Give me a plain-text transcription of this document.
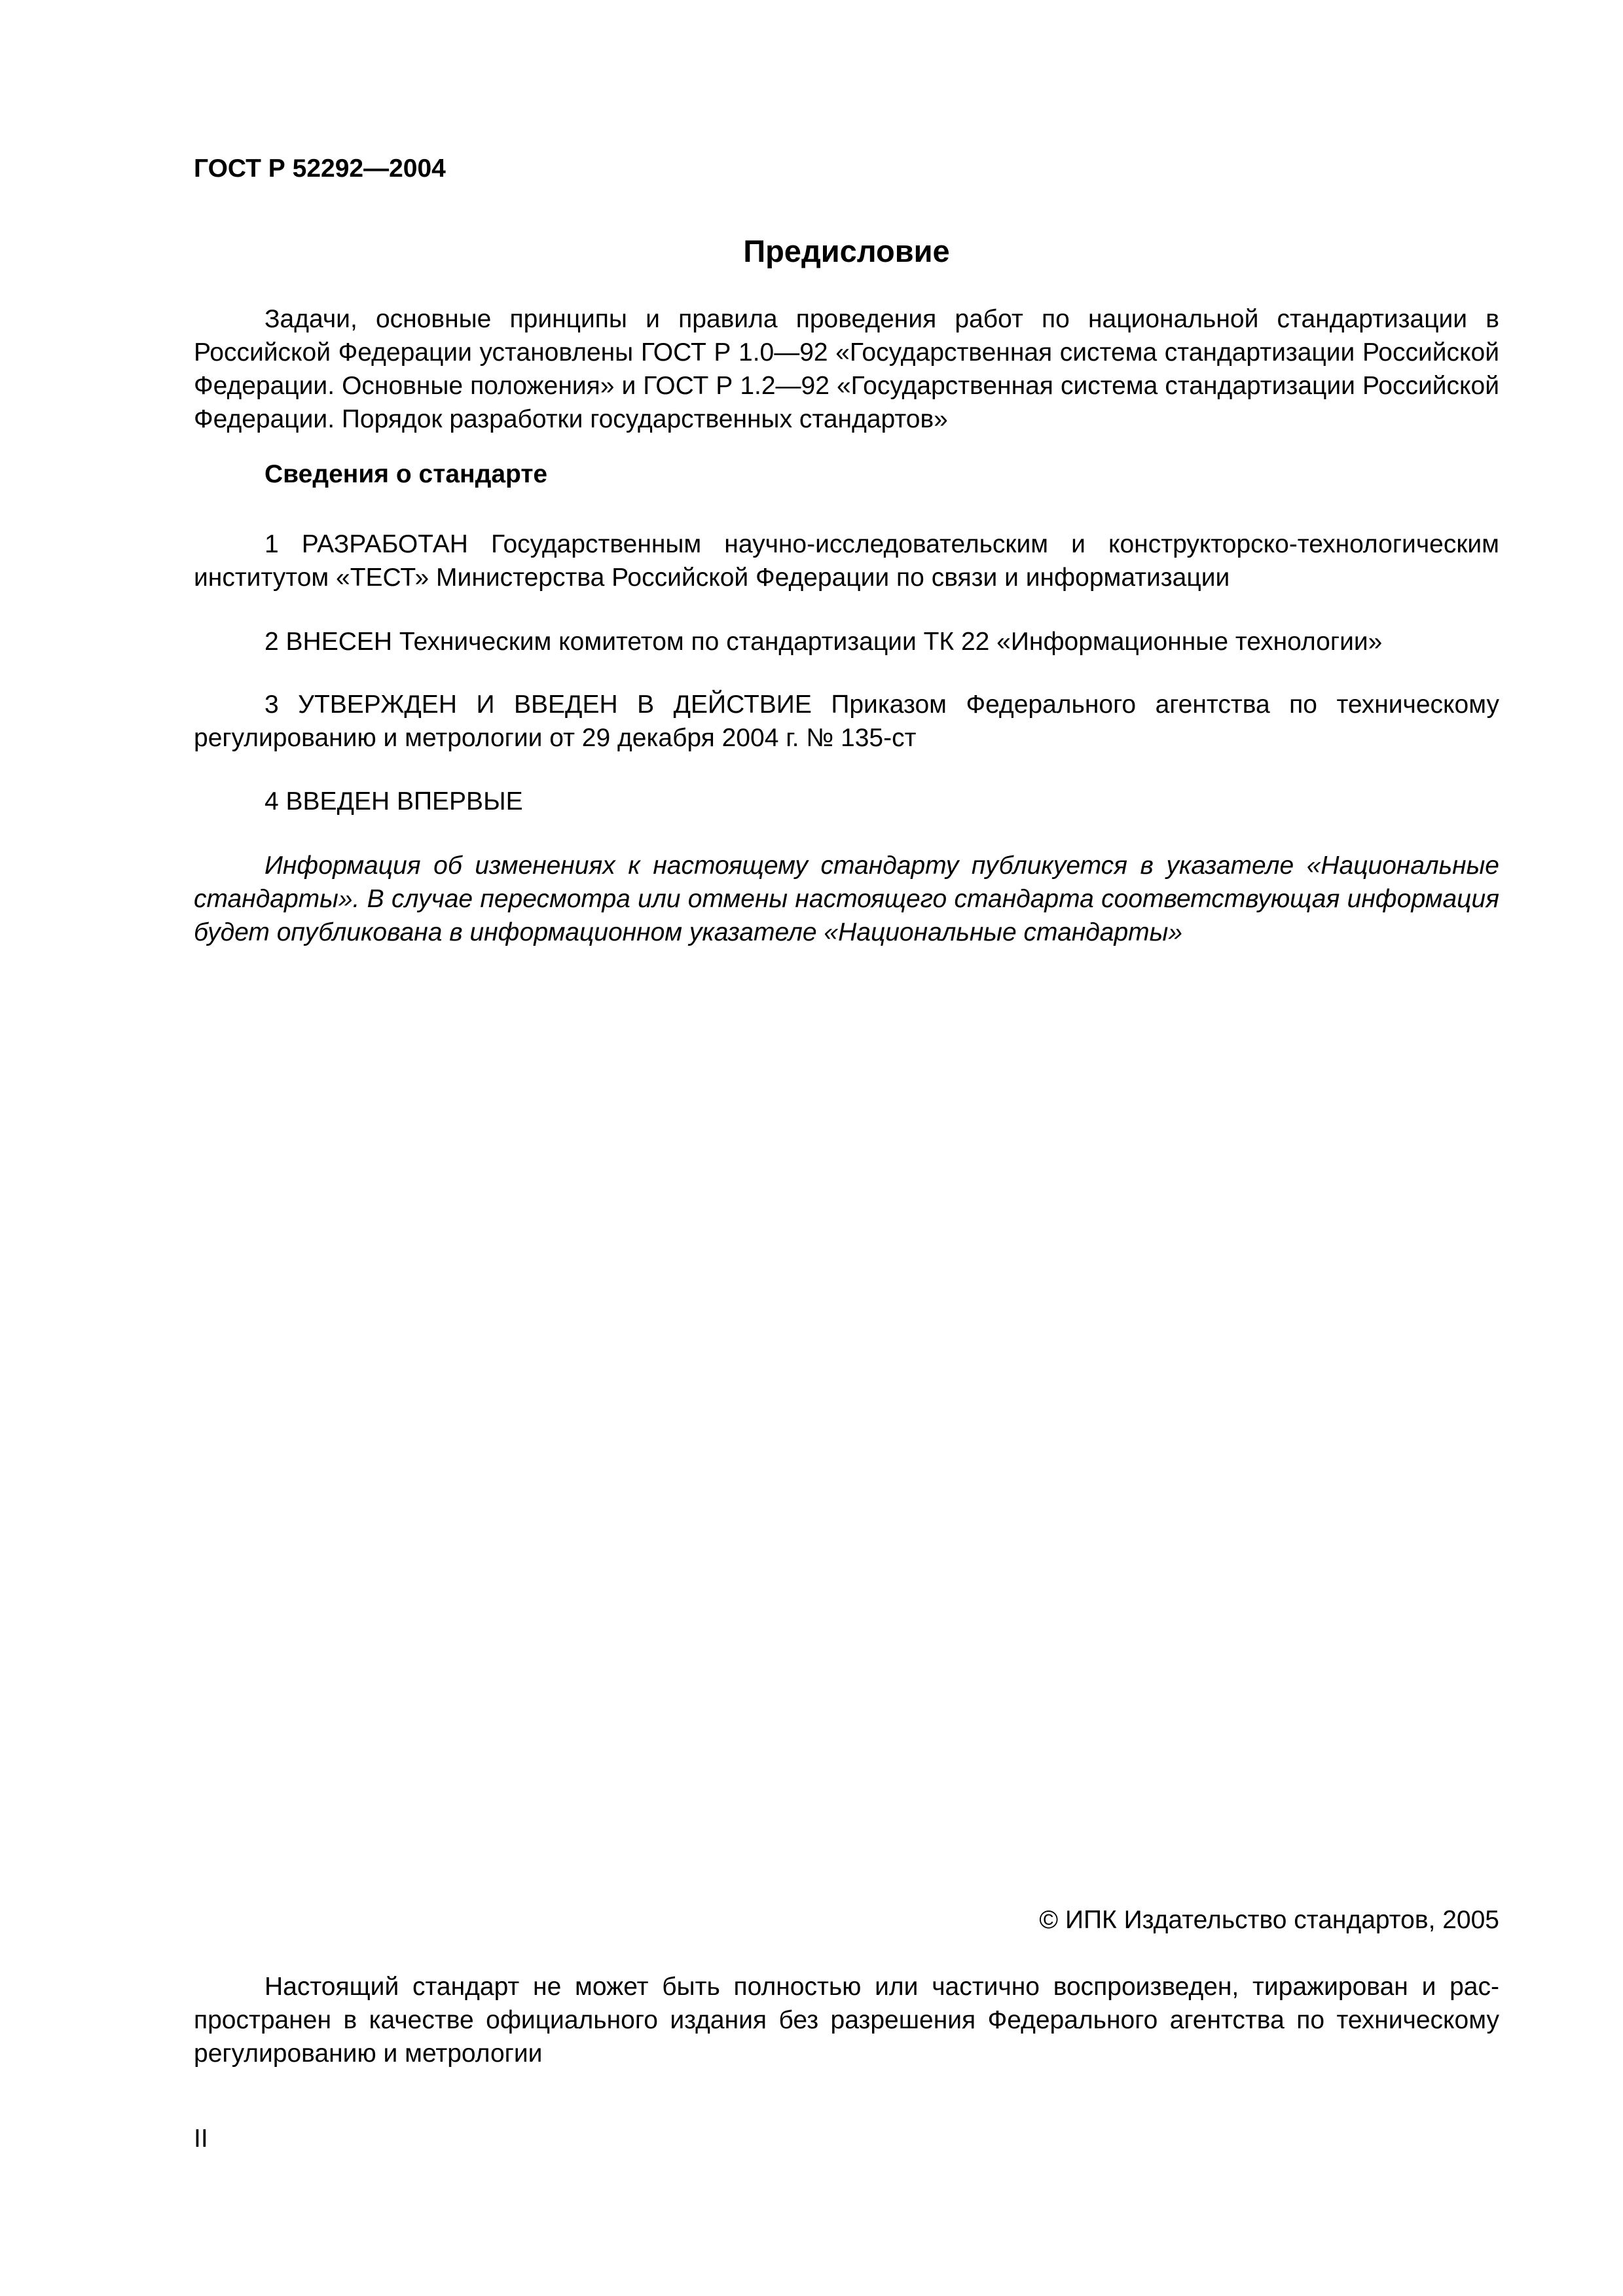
ГОСТ Р 52292—2004
Предисловие
Задачи, основные принципы и правила проведения работ по национальной стандартизации в Российской Федерации установлены ГОСТ Р 1.0—92 «Государственная система стандартизации Российской Федерации. Основные положения» и ГОСТ Р 1.2—92 «Государственная система стандартизации Российской Федерации. Порядок разработки государственных стандартов»
Сведения о стандарте
1 РАЗРАБОТАН Государственным научно-исследовательским и конструкторско-технологическим институтом «ТЕСТ» Министерства Российской Федерации по связи и информатизации
2 ВНЕСЕН Техническим комитетом по стандартизации ТК 22 «Информационные технологии»
3 УТВЕРЖДЕН И ВВЕДЕН В ДЕЙСТВИЕ Приказом Федерального агентства по техническому регулированию и метрологии от 29 декабря 2004 г. № 135-ст
4 ВВЕДЕН ВПЕРВЫЕ
Информация об изменениях к настоящему стандарту публикуется в указателе «Национальные стандарты». В случае пересмотра или отмены настоящего стандарта соответствующая информация будет опубликована в информационном указателе «Национальные стандарты»
© ИПК Издательство стандартов, 2005
Настоящий стандарт не может быть полностью или частично воспроизведен, тиражирован и распространен в качестве официального издания без разрешения Федерального агентства по техническому регулированию и метрологии
II
